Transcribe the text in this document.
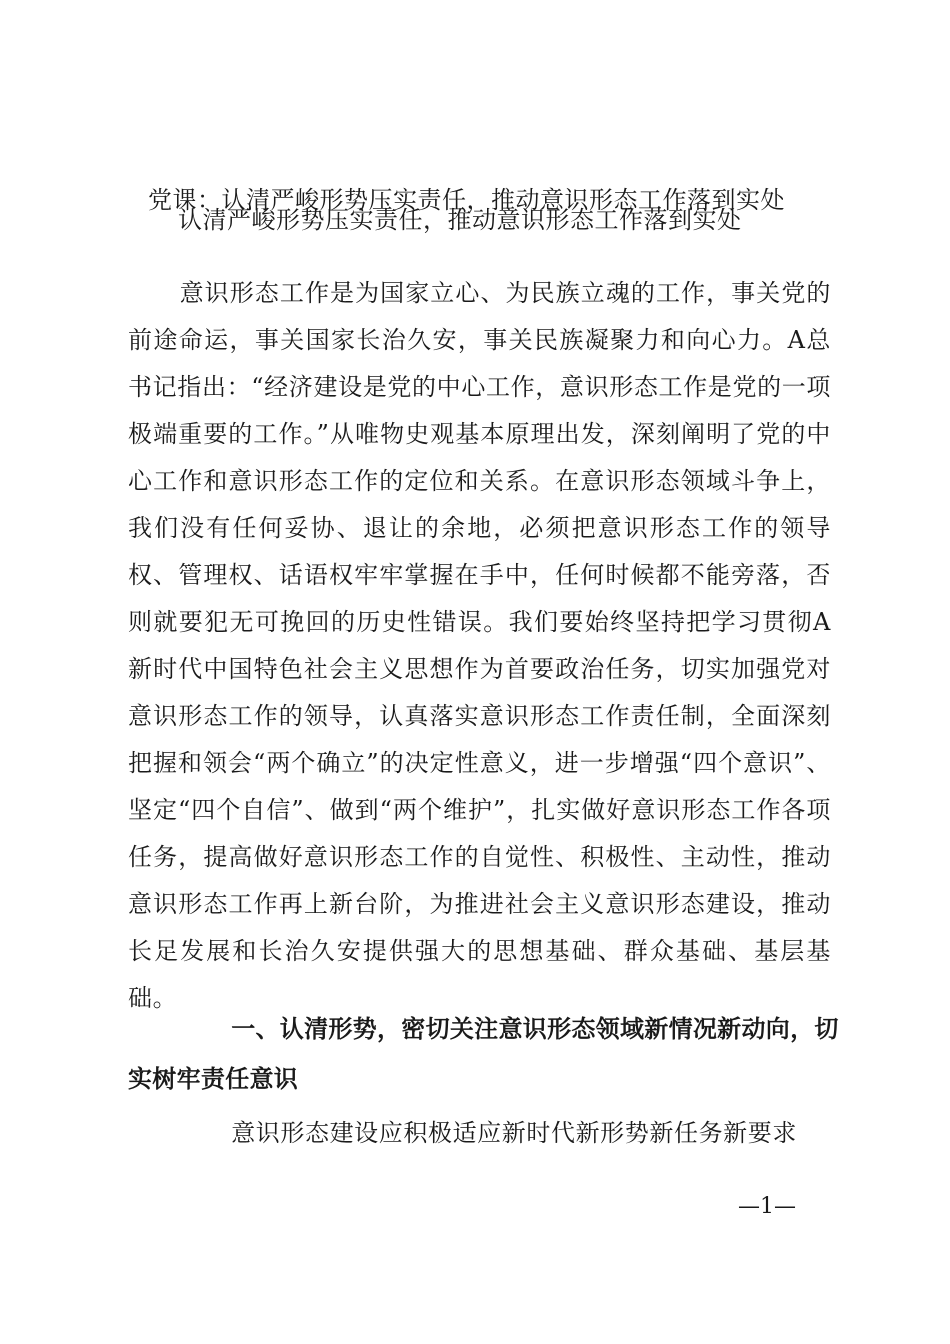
党课：认清严峻形势压实责任，推动意识形态工作落到实处
认清严峻形势压实责任，推动意识形态工作落到实处

意识形态工作是为国家立心、为民族立魂的工作，事关党的前途命运，事关国家长治久安，事关民族凝聚力和向心力。A总书记指出：“经济建设是党的中心工作，意识形态工作是党的一项极端重要的工作。”从唯物史观基本原理出发，深刻阐明了党的中心工作和意识形态工作的定位和关系。在意识形态领域斗争上，我们没有任何妥协、退让的余地，必须把意识形态工作的领导权、管理权、话语权牢牢掌握在手中，任何时候都不能旁落，否则就要犯无可挽回的历史性错误。我们要始终坚持把学习贯彻A新时代中国特色社会主义思想作为首要政治任务，切实加强党对意识形态工作的领导，认真落实意识形态工作责任制，全面深刻把握和领会“两个确立”的决定性意义，进一步增强“四个意识”、坚定“四个自信”、做到“两个维护”，扎实做好意识形态工作各项任务，提高做好意识形态工作的自觉性、积极性、主动性，推动意识形态工作再上新台阶，为推进社会主义意识形态建设，推动长足发展和长治久安提供强大的思想基础、群众基础、基层基础。

一、认清形势，密切关注意识形态领域新情况新动向，切实树牢责任意识
意识形态建设应积极适应新时代新形势新任务新要求
—1—
